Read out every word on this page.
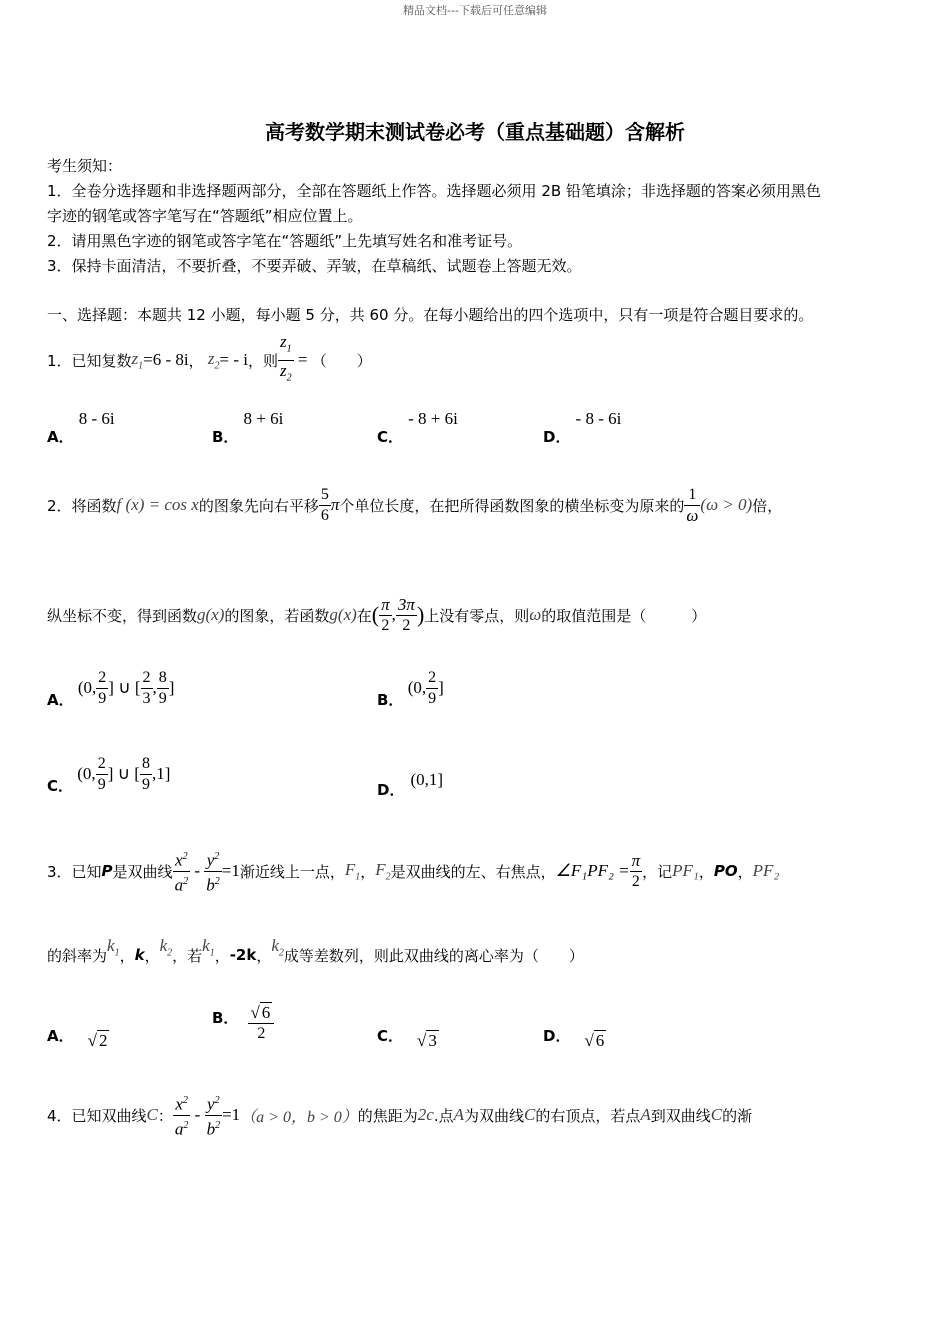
精品文档---下载后可任意编辑
高考数学期末测试卷必考（重点基础题）含解析
考生须知：
1．全卷分选择题和非选择题两部分，全部在答题纸上作答。选择题必须用 2B 铅笔填涂；非选择题的答案必须用黑色
字迹的钢笔或答字笔写在“答题纸”相应位置上。
2．请用黑色字迹的钢笔或答字笔在“答题纸”上先填写姓名和准考证号。
3．保持卡面清洁，不要折叠，不要弄破、弄皱，在草稿纸、试题卷上答题无效。
一、选择题：本题共 12 小题，每小题 5 分，共 60 分。在每小题给出的四个选项中，只有一项是符合题目要求的。
1．已知复数 $z_1 =6 - 8i$ ， $z_2$ = - i ，则 $\frac{z_1}{z_2}$ = （　　）
A． 8 - 6i
B． 8 + 6i
C． - 8 + 6i
D． - 8 - 6i
2．将函数 f (x) = cos x 的图象先向右平移 $\frac{5}{6}$ π 个单位长度，在把所得函数图象的横坐标变为原来的 $\frac{1}{\omega} (\omega > 0)$ 倍，
纵坐标不变，得到函数 g(x) 的图象，若函数 g(x) 在 ( $\frac{\pi}{2}$ , $\frac{3\pi}{2}$ ) 上没有零点，则 ω 的取值范围是（　　　）
A．
(0, $\frac{2}{9}$ ] ∪ [ $\frac{2}{3}$ , $\frac{8}{9}$ ]
B．
(0, $\frac{2}{9}$ ]
C．
(0, $\frac{2}{9}$ ] ∪ [ $\frac{8}{9} ,1$]
D．
(0,1]
3．已知 P 是双曲线 $\frac{x^2}{a^2} - \frac{y^2}{b^2} =1$ 渐近线上一点， $F_1$ ， $F_2$ 是双曲线的左、右焦点， ∠F₁PF₂ = $\frac{\pi}{2}$ ，记 PF₁ ， PO ， PF₂
的斜率为
$k_1$ ， k ，
$k_2$ ，若
$k_1$ ， -2k ，
$k_2$ 成等差数列，则此双曲线的离心率为（　　）
A． √ 2
B． $\frac{√ 6}{2}$	C． √ 3	D． √ 6
4．已知双曲线 C ： $\frac{x^2}{a^2} - \frac{y^2}{b^2} =1$ （a > 0，b > 0） 的焦距为 2c .点 A 为双曲线 C 的右顶点，若点 A 到双曲线 C 的渐
